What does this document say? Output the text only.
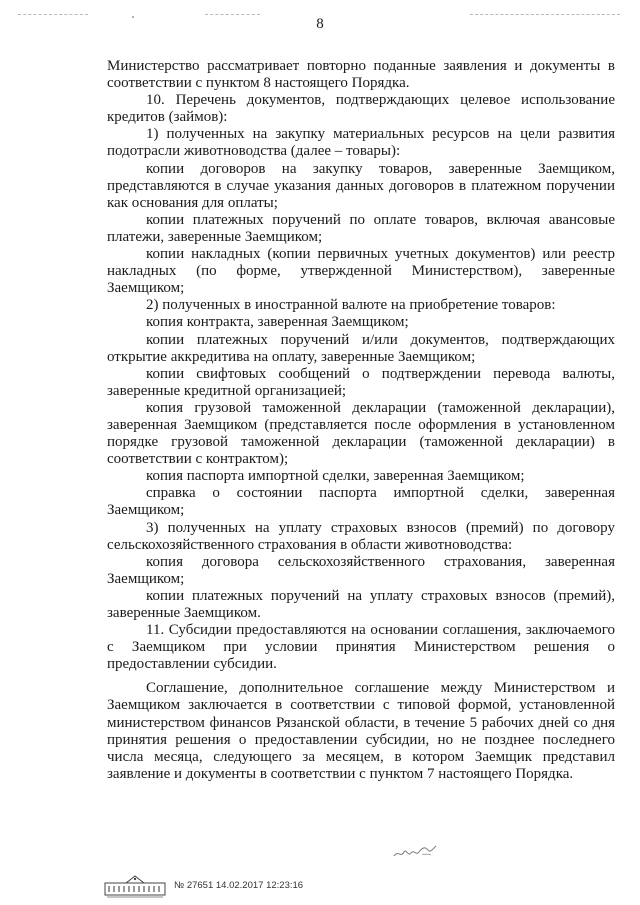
8

Министерство рассматривает повторно поданные заявления и документы в соответствии с пунктом 8 настоящего Порядка.

10. Перечень документов, подтверждающих целевое использование кредитов (займов):

1) полученных на закупку материальных ресурсов на цели развития подотрасли животноводства (далее – товары):

копии договоров на закупку товаров, заверенные Заемщиком, представляются в случае указания данных договоров в платежном поручении как основания для оплаты;

копии платежных поручений по оплате товаров, включая авансовые платежи, заверенные Заемщиком;

копии накладных (копии первичных учетных документов) или реестр накладных (по форме, утвержденной Министерством), заверенные Заемщиком;

2) полученных в иностранной валюте на приобретение товаров:

копия контракта, заверенная Заемщиком;

копии платежных поручений и/или документов, подтверждающих открытие аккредитива на оплату, заверенные Заемщиком;

копии свифтовых сообщений о подтверждении перевода валюты, заверенные кредитной организацией;

копия грузовой таможенной декларации (таможенной декларации), заверенная Заемщиком (представляется после оформления в установленном порядке грузовой таможенной декларации (таможенной декларации) в соответствии с контрактом);

копия паспорта импортной сделки, заверенная Заемщиком;

справка о состоянии паспорта импортной сделки, заверенная Заемщиком;

3) полученных на уплату страховых взносов (премий) по договору сельскохозяйственного страхования в области животноводства:

копия договора сельскохозяйственного страхования, заверенная Заемщиком;

копии платежных поручений на уплату страховых взносов (премий), заверенные Заемщиком.

11. Субсидии предоставляются на основании соглашения, заключаемого с Заемщиком при условии принятия Министерством решения о предоставлении субсидии.

Соглашение, дополнительное соглашение между Министерством и Заемщиком заключается в соответствии с типовой формой, установленной министерством финансов Рязанской области, в течение 5 рабочих дней со дня принятия решения о предоставлении субсидии, но не позднее последнего числа месяца, следующего за месяцем, в котором Заемщик представил заявление и документы в соответствии с пунктом 7 настоящего Порядка.

№ 27651 14.02.2017 12:23:16
